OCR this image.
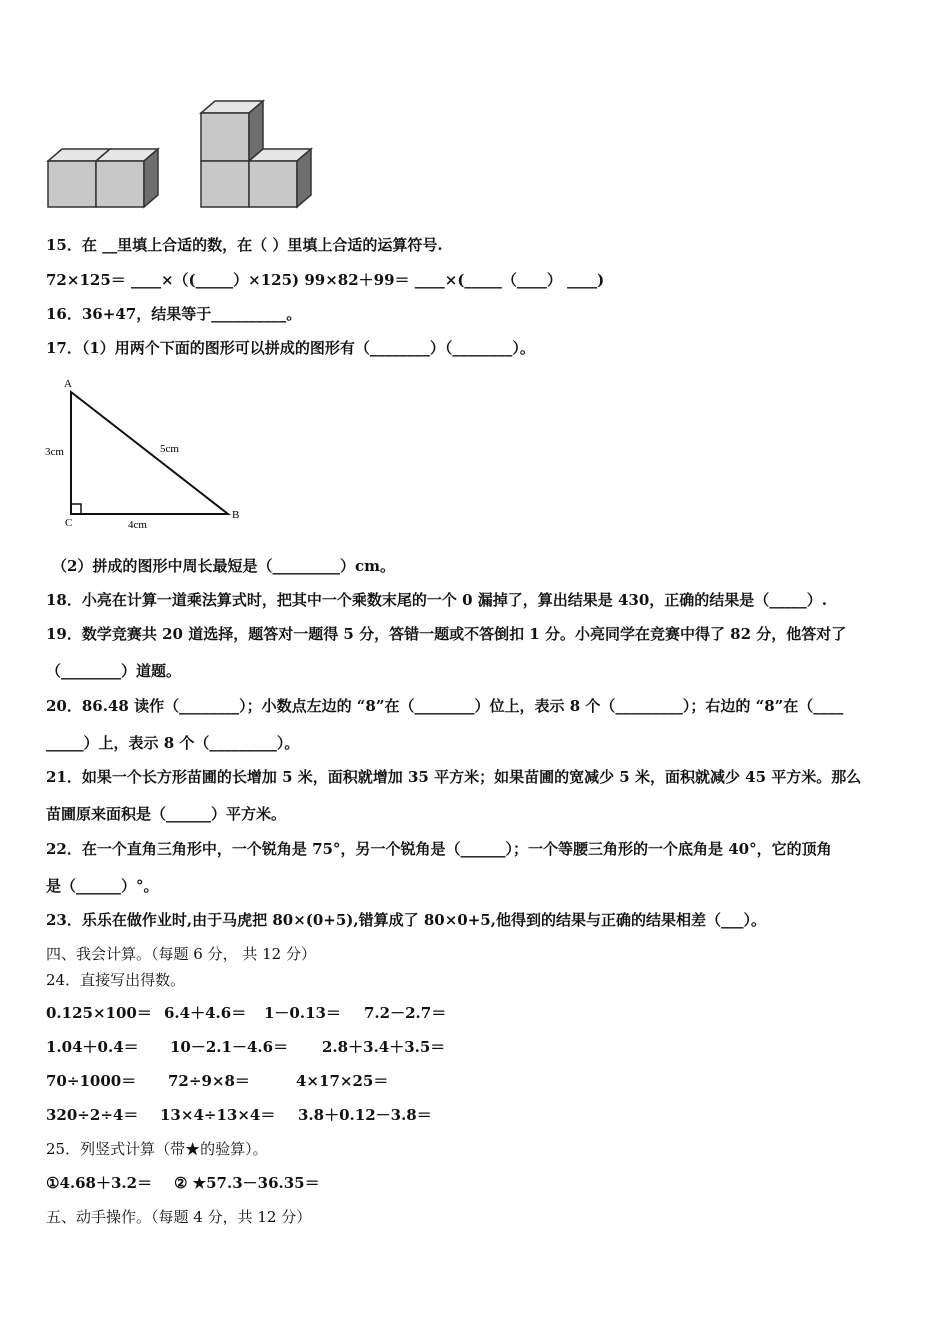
15．在 __里填上合适的数，在（ ）里填上合适的运算符号.
72×125＝ ____×（(_____）×125) 99×82＋99＝ ____×(_____（____） ____)
16．36+47，结果等于__________。
17．（1）用两个下面的图形可以拼成的图形有（________）（________）。
A
C
B
3cm	5cm
4cm
（2）拼成的图形中周长最短是（_________）cm。
18．小亮在计算一道乘法算式时，把其中一个乘数末尾的一个 0 漏掉了，算出结果是 430，正确的结果是（_____）.
19．数学竞赛共 20 道选择，题答对一题得 5 分，答错一题或不答倒扣 1 分。小亮同学在竞赛中得了 82 分，他答对了
（________）道题。
20．86.48 读作（________）；小数点左边的 “8”在（________）位上，表示 8 个（_________）；右边的 “8”在（____
_____）上，表示 8 个（_________）。
21．如果一个长方形苗圃的长增加 5 米，面积就增加 35 平方米；如果苗圃的宽减少 5 米，面积就减少 45 平方米。那么
苗圃原来面积是（______）平方米。
22．在一个直角三角形中，一个锐角是 75°，另一个锐角是（______）；一个等腰三角形的一个底角是 40°，它的顶角
是（______）°。
23．乐乐在做作业时,由于马虎把 80×(0+5),错算成了 80×0+5,他得到的结果与正确的结果相差（___）。
四、我会计算。（每题 6 分， 共 12 分）
24．直接写出得数。
0.125×100＝ 6.4＋4.6＝ 1－0.13＝ 7.2－2.7＝
1.04＋0.4＝ 10－2.1－4.6＝ 2.8＋3.4＋3.5＝
70÷1000＝ 72÷9×8＝	4×17×25＝
320÷2÷4＝ 13×4÷13×4＝ 3.8＋0.12－3.8＝
25．列竖式计算（带★的验算）。
①4.68＋3.2＝ ② ★57.3－36.35＝
五、动手操作。（每题 4 分，共 12 分）
